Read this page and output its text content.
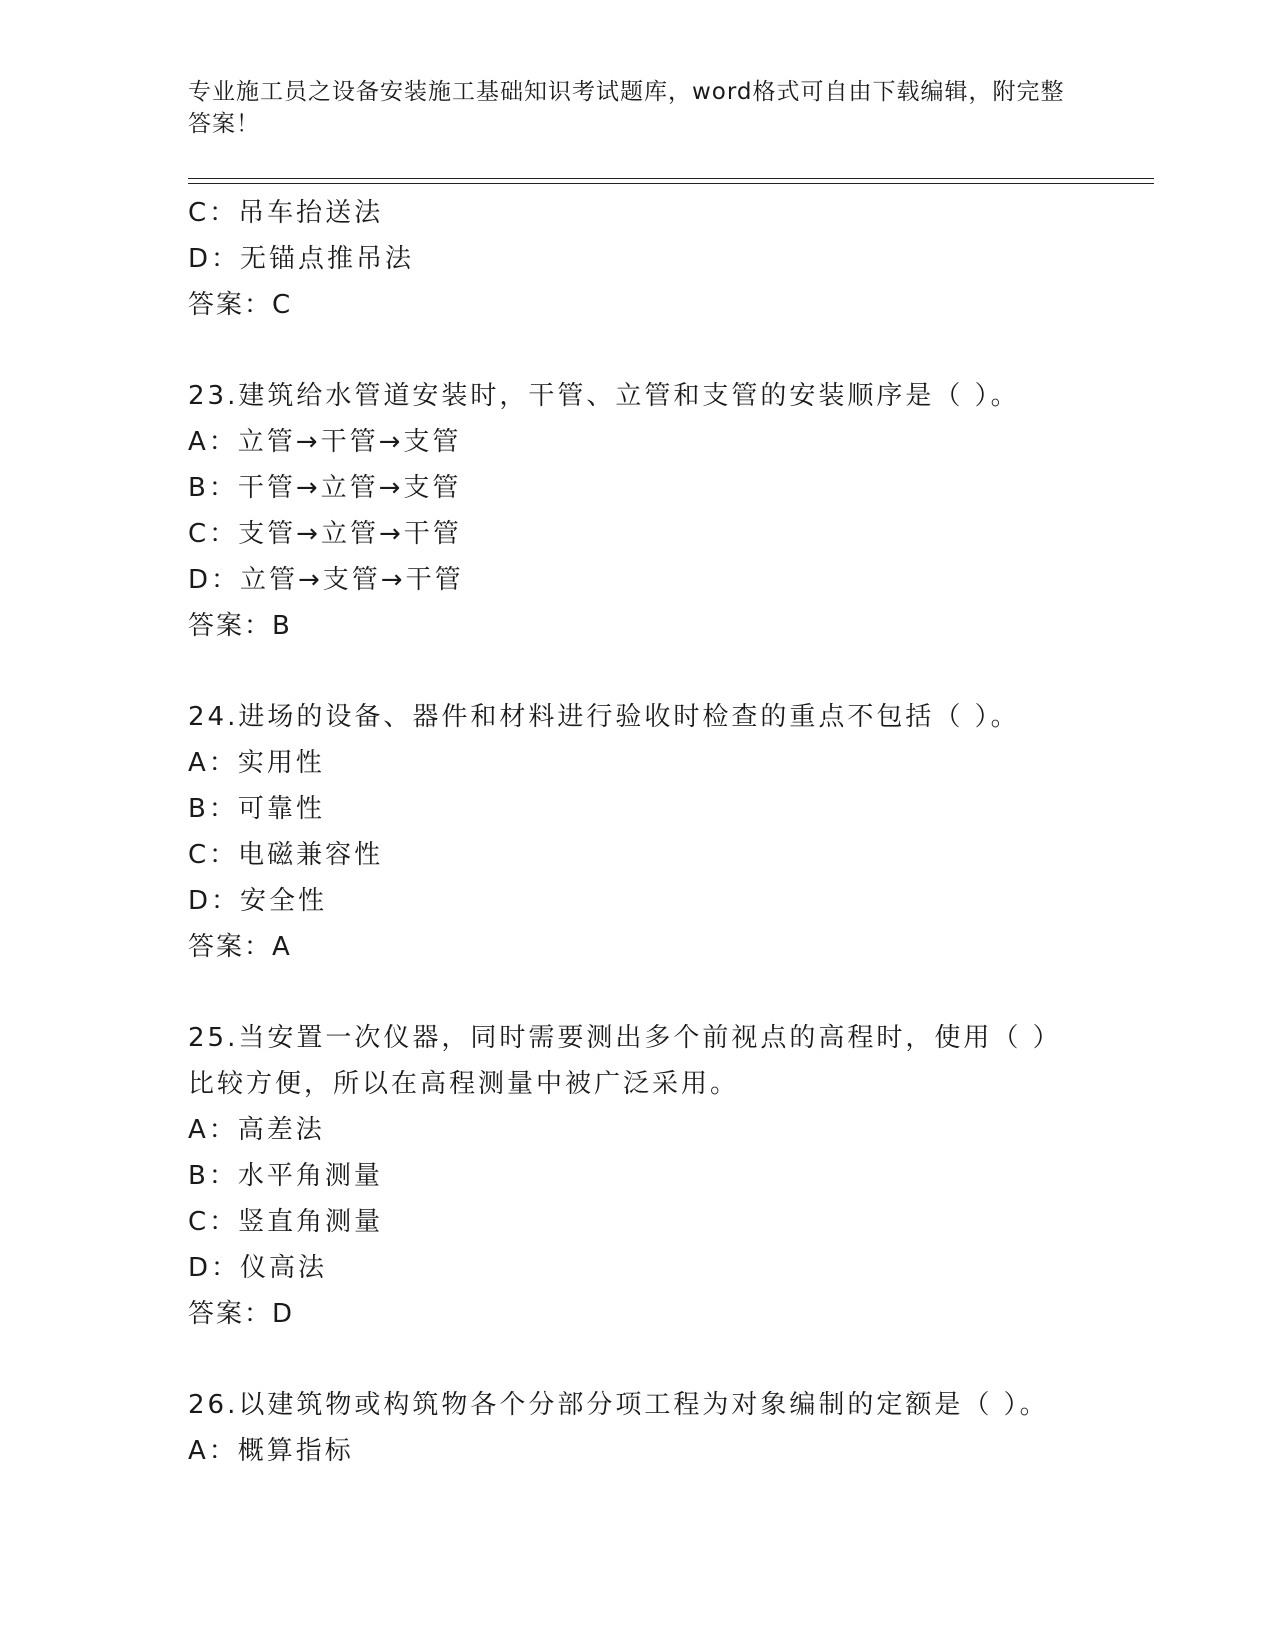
专业施工员之设备安装施工基础知识考试题库，word格式可自由下载编辑，附完整答案！
C：吊车抬送法
D：无锚点推吊法
答案：C
23.建筑给水管道安装时，干管、立管和支管的安装顺序是（ ）。
A：立管→干管→支管
B：干管→立管→支管
C：支管→立管→干管
D：立管→支管→干管
答案：B
24.进场的设备、器件和材料进行验收时检查的重点不包括（ ）。
A：实用性
B：可靠性
C：电磁兼容性
D：安全性
答案：A
25.当安置一次仪器，同时需要测出多个前视点的高程时，使用（ ）比较方便，所以在高程测量中被广泛采用。
A：高差法
B：水平角测量
C：竖直角测量
D：仪高法
答案：D
26.以建筑物或构筑物各个分部分项工程为对象编制的定额是（ ）。
A：概算指标
